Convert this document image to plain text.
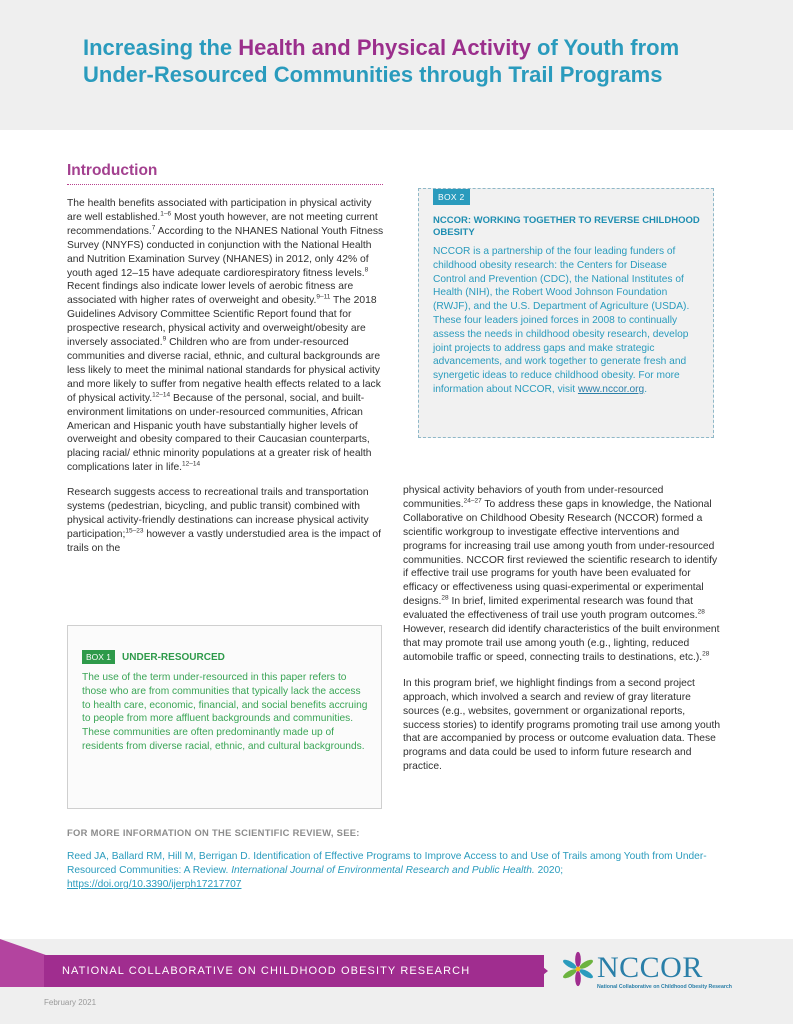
Increasing the Health and Physical Activity of Youth from Under-Resourced Communities through Trail Programs
Introduction

The health benefits associated with participation in physical activity are well established.$^{1-6}$ Most youth however, are not meeting current recommendations.$^7$ According to the NHANES National Youth Fitness Survey (NNYFS) conducted in conjunction with the National Health and Nutrition Examination Survey (NHANES) in 2012, only 42% of youth aged 12–15 have adequate cardiorespiratory fitness levels.$^8$ Recent findings also indicate lower levels of aerobic fitness are associated with higher rates of overweight and obesity.$^{9-11}$ The 2018 Guidelines Advisory Committee Scientific Report found that for prospective research, physical activity and overweight/obesity are inversely associated.$^9$ Children who are from under-resourced communities and diverse racial, ethnic, and cultural backgrounds are less likely to meet the minimal national standards for physical activity and more likely to suffer from negative health effects related to a lack of physical activity.$^{12-14}$ Because of the personal, social, and built-environment limitations on under-resourced communities, African American and Hispanic youth have substantially higher levels of overweight and obesity compared to their Caucasian counterparts, placing racial/ ethnic minority populations at a greater risk of health complications later in life.$^{12-14}$

Research suggests access to recreational trails and transportation systems (pedestrian, bicycling, and public transit) combined with physical activity-friendly destinations can increase physical activity participation;$^{15-23}$ however a vastly understudied area is the impact of trails on the

BOX 2
NCCOR: WORKING TOGETHER TO REVERSE CHILDHOOD OBESITY
NCCOR is a partnership of the four leading funders of childhood obesity research: the Centers for Disease Control and Prevention (CDC), the National Institutes of Health (NIH), the Robert Wood Johnson Foundation (RWJF), and the U.S. Department of Agriculture (USDA). These four leaders joined forces in 2008 to continually assess the needs in childhood obesity research, develop joint projects to address gaps and make strategic advancements, and work together to generate fresh and synergetic ideas to reduce childhood obesity. For more information about NCCOR, visit www.nccor.org.

physical activity behaviors of youth from under-resourced communities.$^{24-27}$ To address these gaps in knowledge, the National Collaborative on Childhood Obesity Research (NCCOR) formed a scientific workgroup to investigate effective interventions and programs for increasing trail use among youth from under-resourced communities. NCCOR first reviewed the scientific research to identify if effective trail use programs for youth have been evaluated for efficacy or effectiveness using quasi-experimental or experimental designs.$^{28}$ In brief, limited experimental research was found that evaluated the effectiveness of trail use youth program outcomes.$^{28}$ However, research did identify characteristics of the built environment that may promote trail use among youth (e.g., lighting, reduced automobile traffic or speed, connecting trails to destinations, etc.).$^{28}$

In this program brief, we highlight findings from a second project approach, which involved a search and review of gray literature sources (e.g., websites, government or organizational reports, success stories) to identify programs promoting trail use among youth that are accompanied by process or outcome evaluation data. These programs and data could be used to inform future research and practice.

BOX 1	UNDER-RESOURCED
The use of the term under-resourced in this paper refers to those who are from communities that typically lack the access to health care, economic, financial, and social benefits accruing to people from more affluent backgrounds and communities. These communities are often predominantly made up of residents from diverse racial, ethnic, and cultural backgrounds.
FOR MORE INFORMATION ON THE SCIENTIFIC REVIEW, SEE:
Reed JA, Ballard RM, Hill M, Berrigan D. Identification of Effective Programs to Improve Access to and Use of Trails among Youth from Under-Resourced Communities: A Review. International Journal of Environmental Research and Public Health. 2020; https://doi.org/10.3390/ijerph17217707
NATIONAL COLLABORATIVE ON CHILDHOOD OBESITY RESEARCH	NCCOR
National Collaborative on Childhood Obesity Research
February 2021
